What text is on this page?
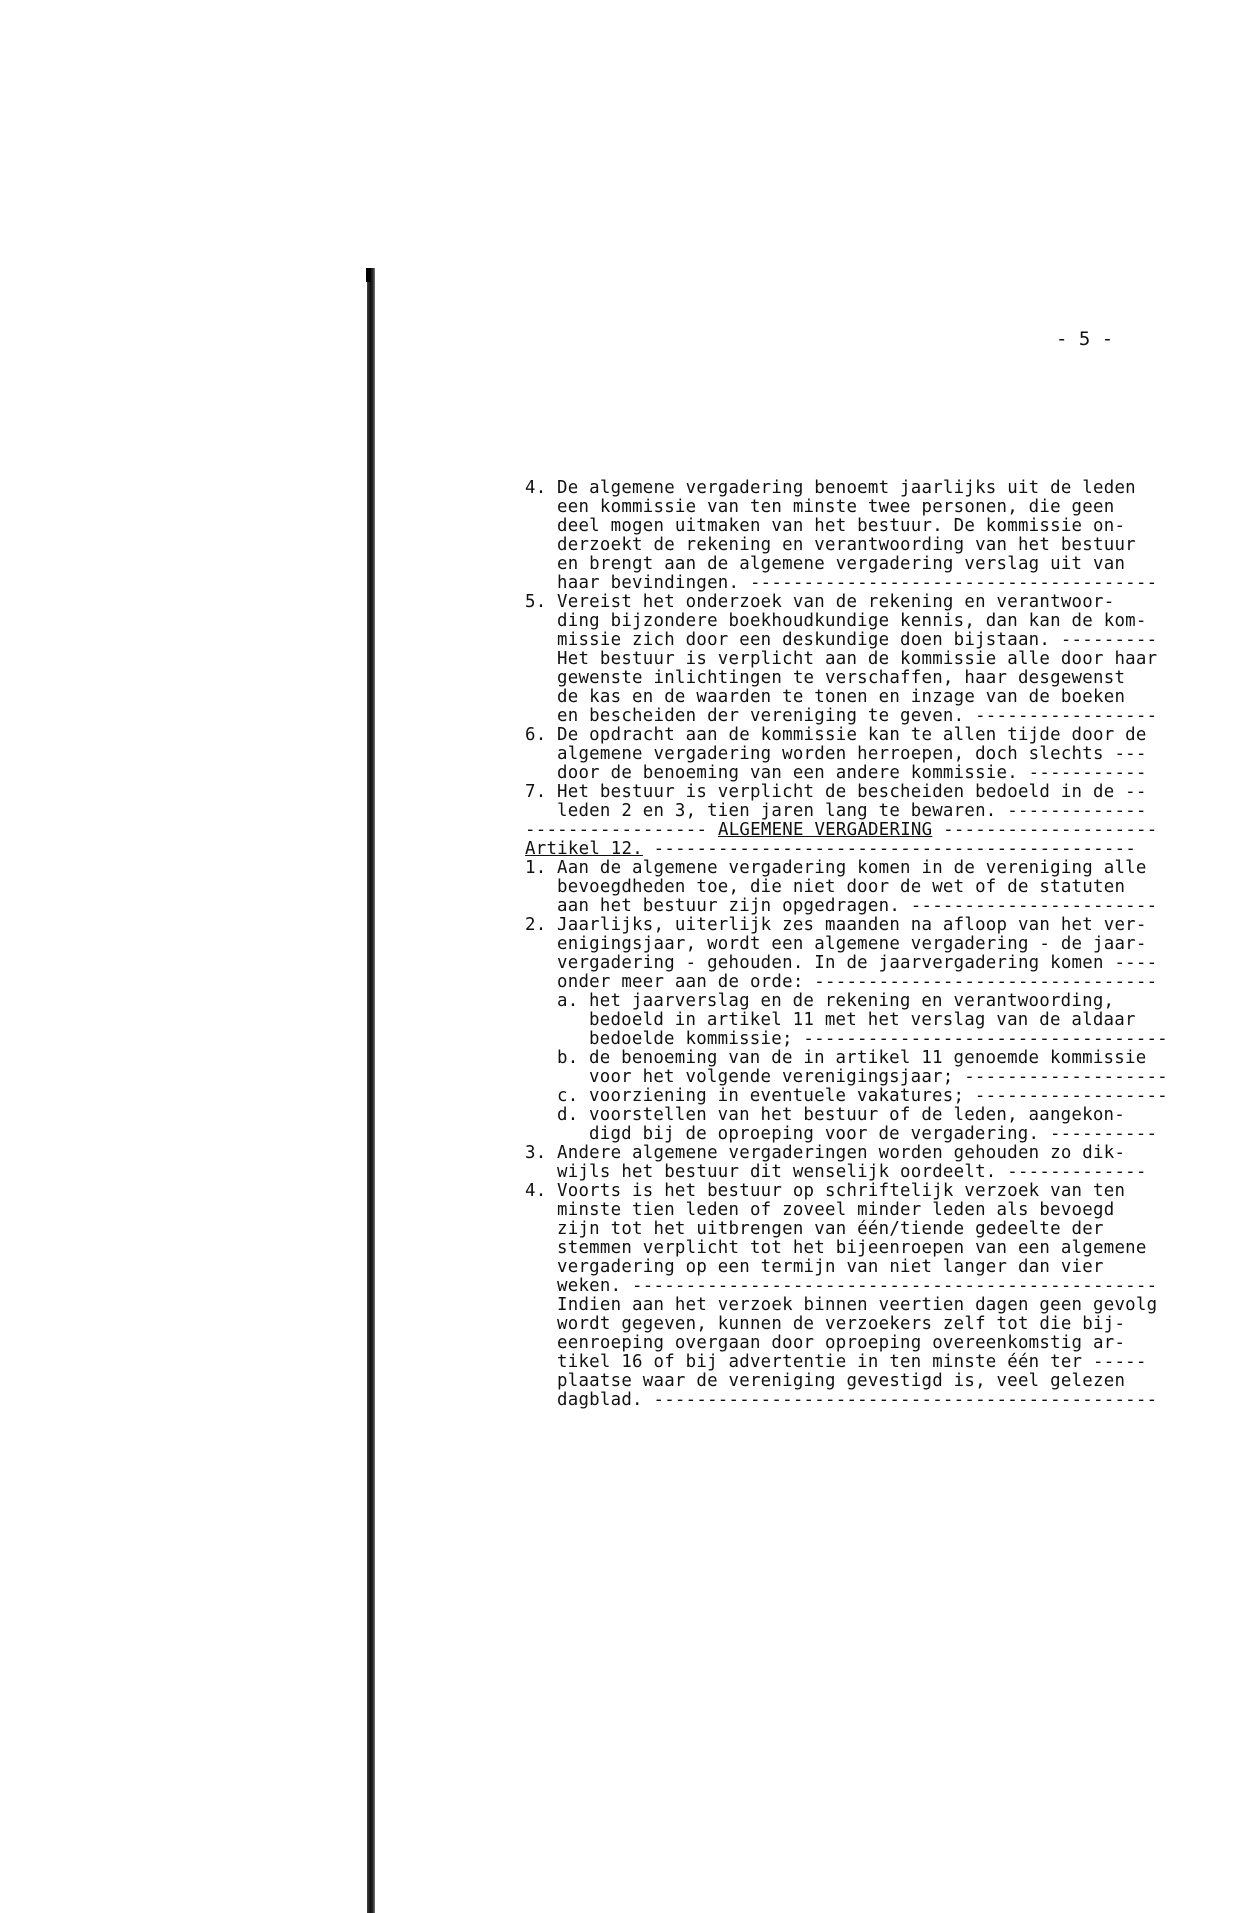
- 5 -
4. De algemene vergadering benoemt jaarlijks uit de leden
een kommissie van ten minste twee personen, die geen
deel mogen uitmaken van het bestuur. De kommissie on-
derzoekt de rekening en verantwoording van het bestuur
en brengt aan de algemene vergadering verslag uit van
haar bevindingen. --------------------------------------
5. Vereist het onderzoek van de rekening en verantwoor-
ding bijzondere boekhoudkundige kennis, dan kan de kom-
missie zich door een deskundige doen bijstaan. ---------
Het bestuur is verplicht aan de kommissie alle door haar
gewenste inlichtingen te verschaffen, haar desgewenst
de kas en de waarden te tonen en inzage van de boeken
en bescheiden der vereniging te geven. -----------------
6. De opdracht aan de kommissie kan te allen tijde door de
algemene vergadering worden herroepen, doch slechts ---
door de benoeming van een andere kommissie. -----------
7. Het bestuur is verplicht de bescheiden bedoeld in de --
leden 2 en 3, tien jaren lang te bewaren. -------------
----------------- ALGEMENE VERGADERING --------------------
Artikel 12. ---------------------------------------------
1. Aan de algemene vergadering komen in de vereniging alle
bevoegdheden toe, die niet door de wet of de statuten
aan het bestuur zijn opgedragen. -----------------------
2. Jaarlijks, uiterlijk zes maanden na afloop van het ver-
enigingsjaar, wordt een algemene vergadering - de jaar-
vergadering - gehouden. In de jaarvergadering komen ----
onder meer aan de orde: --------------------------------
a. het jaarverslag en de rekening en verantwoording,
bedoeld in artikel 11 met het verslag van de aldaar
bedoelde kommissie; ----------------------------------
b. de benoeming van de in artikel 11 genoemde kommissie
voor het volgende verenigingsjaar; -------------------
c. voorziening in eventuele vakatures; ------------------
d. voorstellen van het bestuur of de leden, aangekon-
digd bij de oproeping voor de vergadering. ----------
3. Andere algemene vergaderingen worden gehouden zo dik-
wijls het bestuur dit wenselijk oordeelt. -------------
4. Voorts is het bestuur op schriftelijk verzoek van ten
minste tien leden of zoveel minder leden als bevoegd
zijn tot het uitbrengen van één/tiende gedeelte der
stemmen verplicht tot het bijeenroepen van een algemene
vergadering op een termijn van niet langer dan vier
weken. -------------------------------------------------
Indien aan het verzoek binnen veertien dagen geen gevolg
wordt gegeven, kunnen de verzoekers zelf tot die bij-
eenroeping overgaan door oproeping overeenkomstig ar-
tikel 16 of bij advertentie in ten minste één ter -----
plaatse waar de vereniging gevestigd is, veel gelezen
dagblad. -----------------------------------------------
